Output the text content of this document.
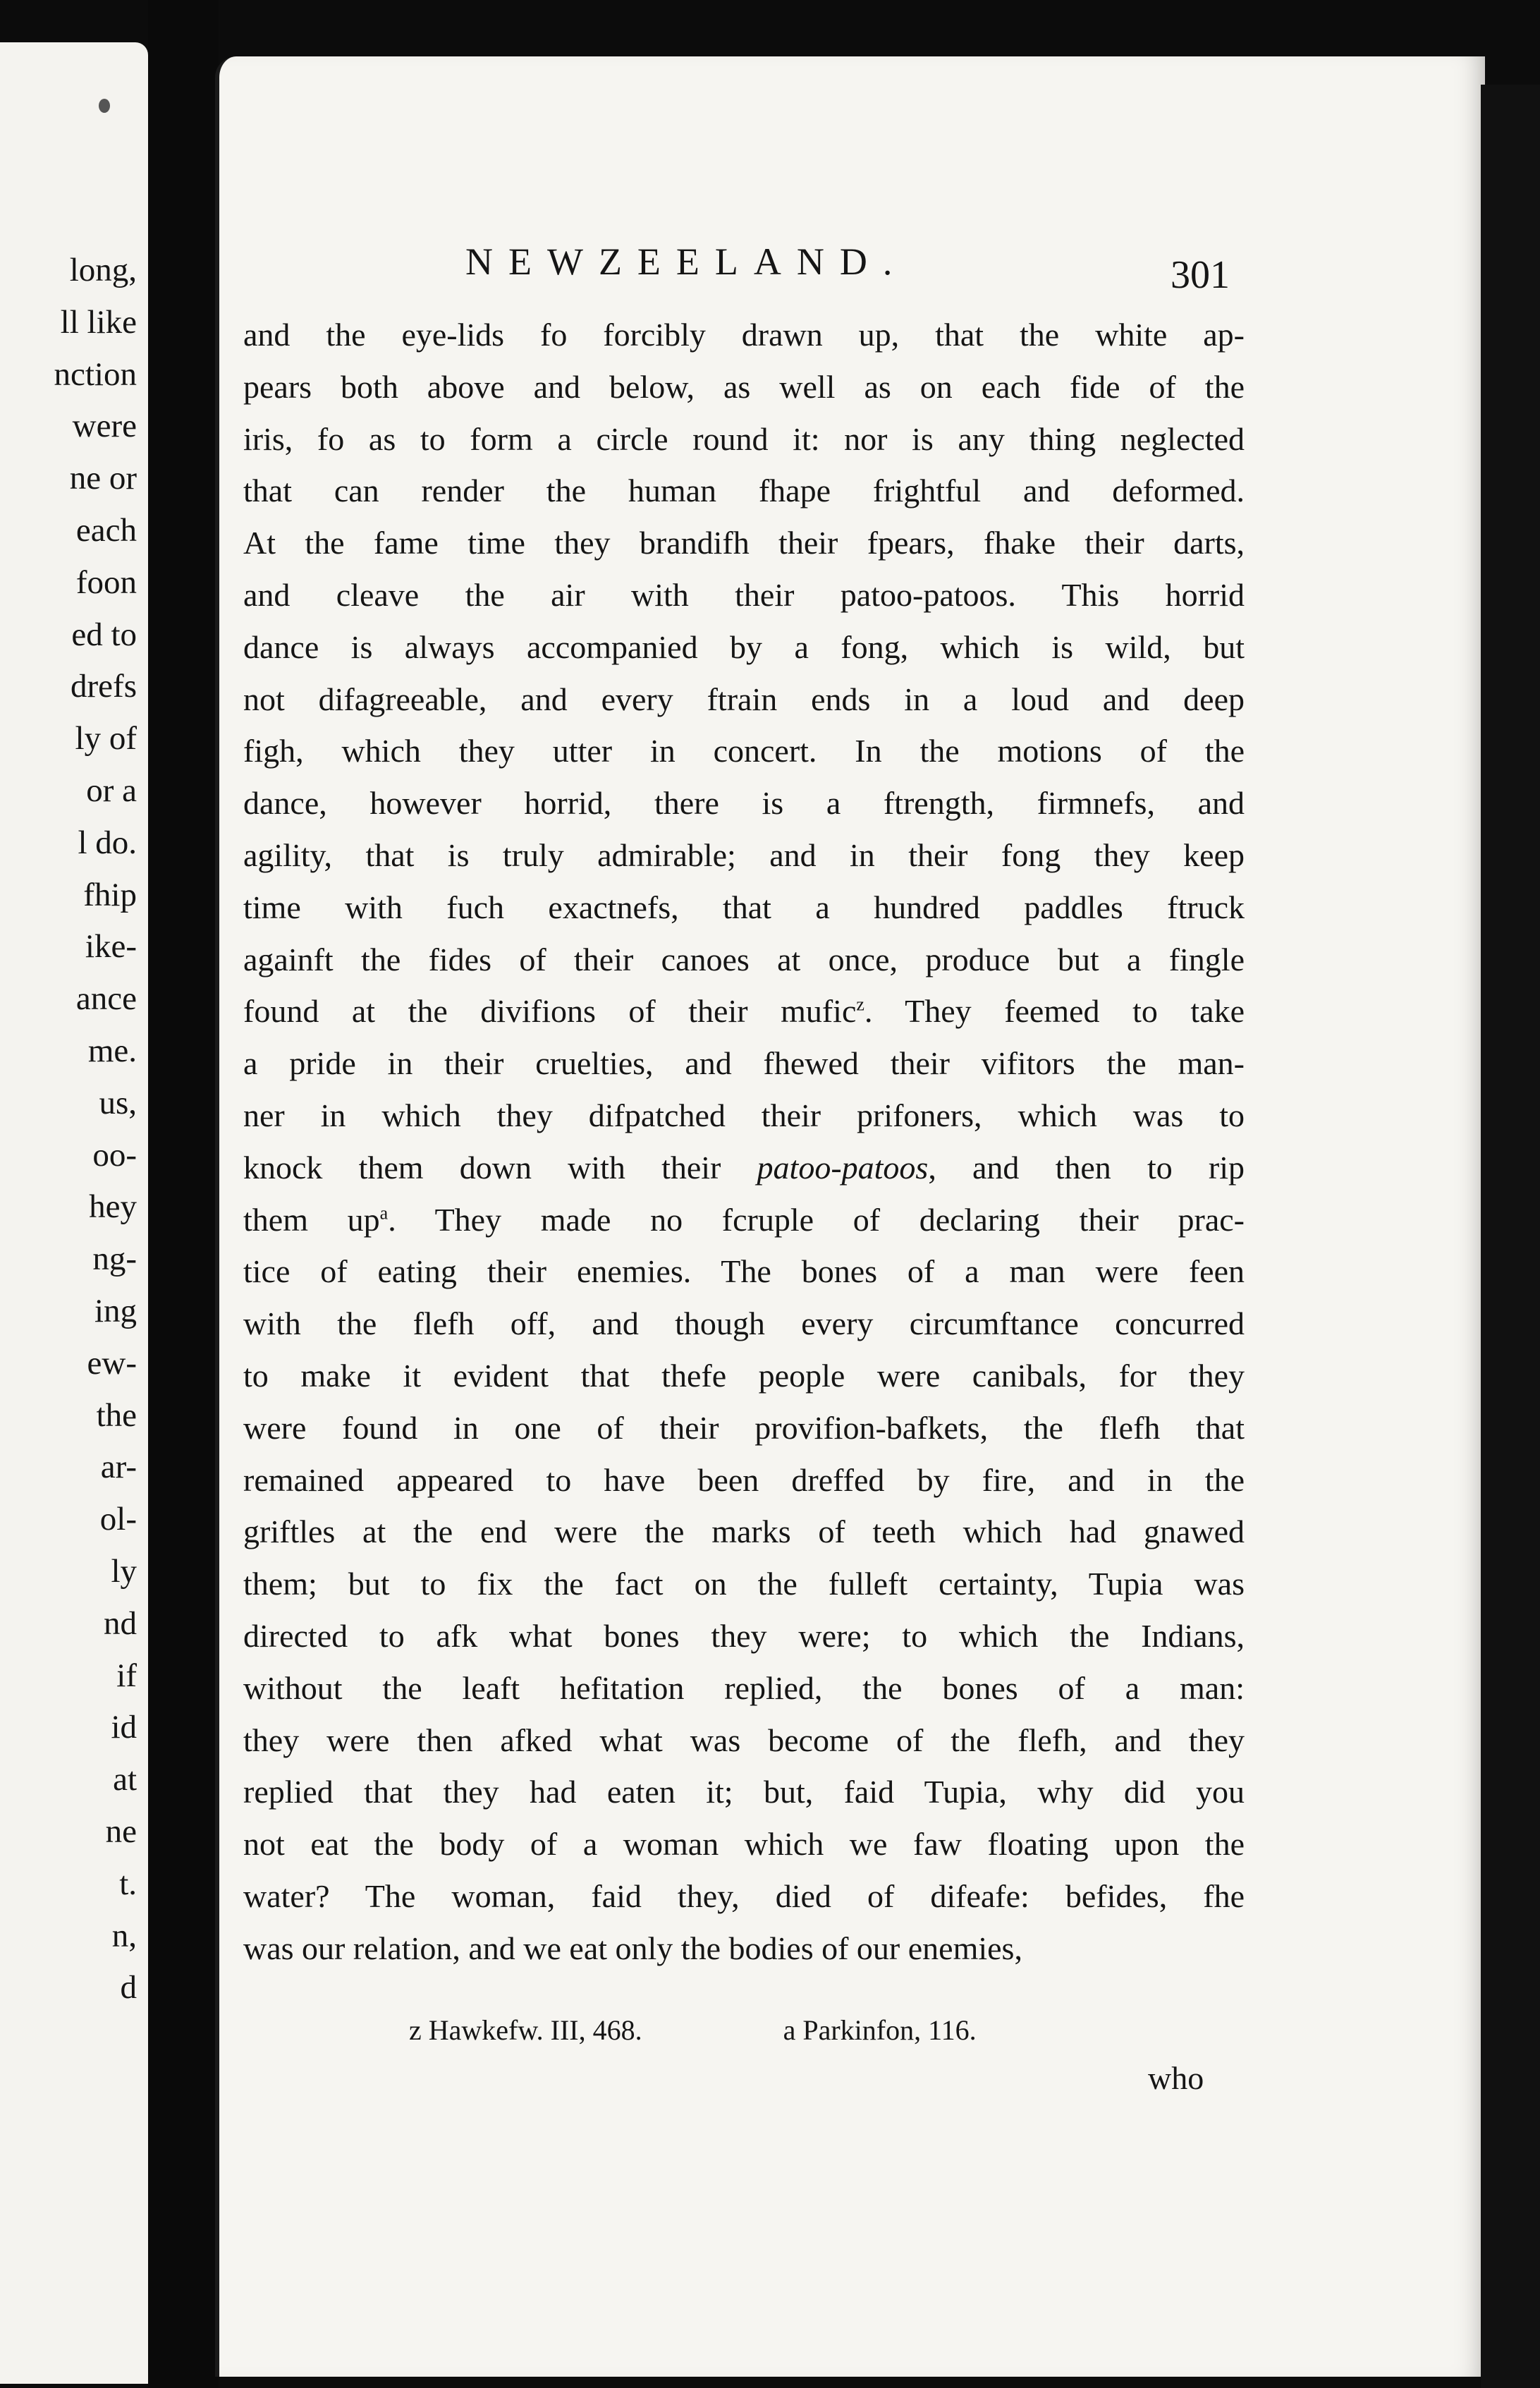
long,
ll like
nction
were
ne or
each
foon
ed to
drefs
ly of
or a
l do.
fhip
ike-
ance
me.
us,
oo-
hey
ng-
ing
ew-
the
ar-
ol-
ly
nd
if
id
at
ne
t.
n,
d
NEWZEELAND.	301
and the eye-lids fo forcibly drawn up, that the white ap-
pears both above and below, as well as on each fide of the
iris, fo as to form a circle round it: nor is any thing neglected
that can render the human fhape frightful and deformed.
At the fame time they brandifh their fpears, fhake their darts,
and cleave the air with their patoo-patoos. This horrid
dance is always accompanied by a fong, which is wild, but
not difagreeable, and every ftrain ends in a loud and deep
figh, which they utter in concert. In the motions of the
dance, however horrid, there is a ftrength, firmnefs, and
agility, that is truly admirable; and in their fong they keep
time with fuch exactnefs, that a hundred paddles ftruck
againft the fides of their canoes at once, produce but a fingle
found at the divifions of their mufic$^z$. They feemed to take
a pride in their cruelties, and fhewed their vifitors the man-
ner in which they difpatched their prifoners, which was to
knock them down with their patoo-patoos, and then to rip
them $up^a$. They made no fcruple of declaring their prac-
tice of eating their enemies. The bones of a man were feen
with the flefh off, and though every circumftance concurred
to make it evident that thefe people were canibals, for they
were found in one of their provifion-bafkets, the flefh that
remained appeared to have been dreffed by fire, and in the
griftles at the end were the marks of teeth which had gnawed
them; but to fix the fact on the fulleft certainty, Tupia was
directed to afk what bones they were; to which the Indians,
without the leaft hefitation replied, the bones of a man:
they were then afked what was become of the flefh, and they
replied that they had eaten it; but, faid Tupia, why did you
not eat the body of a woman which we faw floating upon the
water? The woman, faid they, died of difeafe: befides, fhe
was our relation, and we eat only the bodies of our enemies,
z Hawkefw. III, 468.	a Parkinfon, 116.
who
